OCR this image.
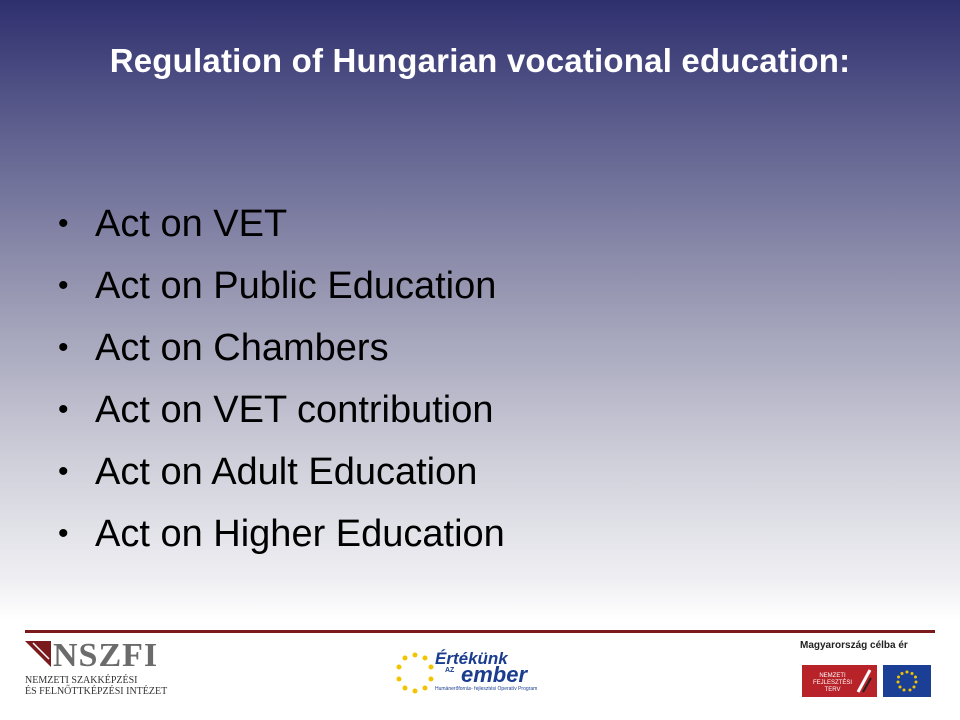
Regulation of Hungarian vocational education:
• Act on VET
• Act on Public Education
• Act on Chambers
• Act on VET contribution
• Act on Adult Education
• Act on Higher Education
NSZFI
NEMZETI SZAKKÉPZÉSI
ÉS FELNŐTTKÉPZÉSI INTÉZET
Értékünk
AZ ember
Humánerőforrás- fejlesztési Operatív Program
Magyarország célba ér
NEMZETI FEJLESZTÉSI TERV
